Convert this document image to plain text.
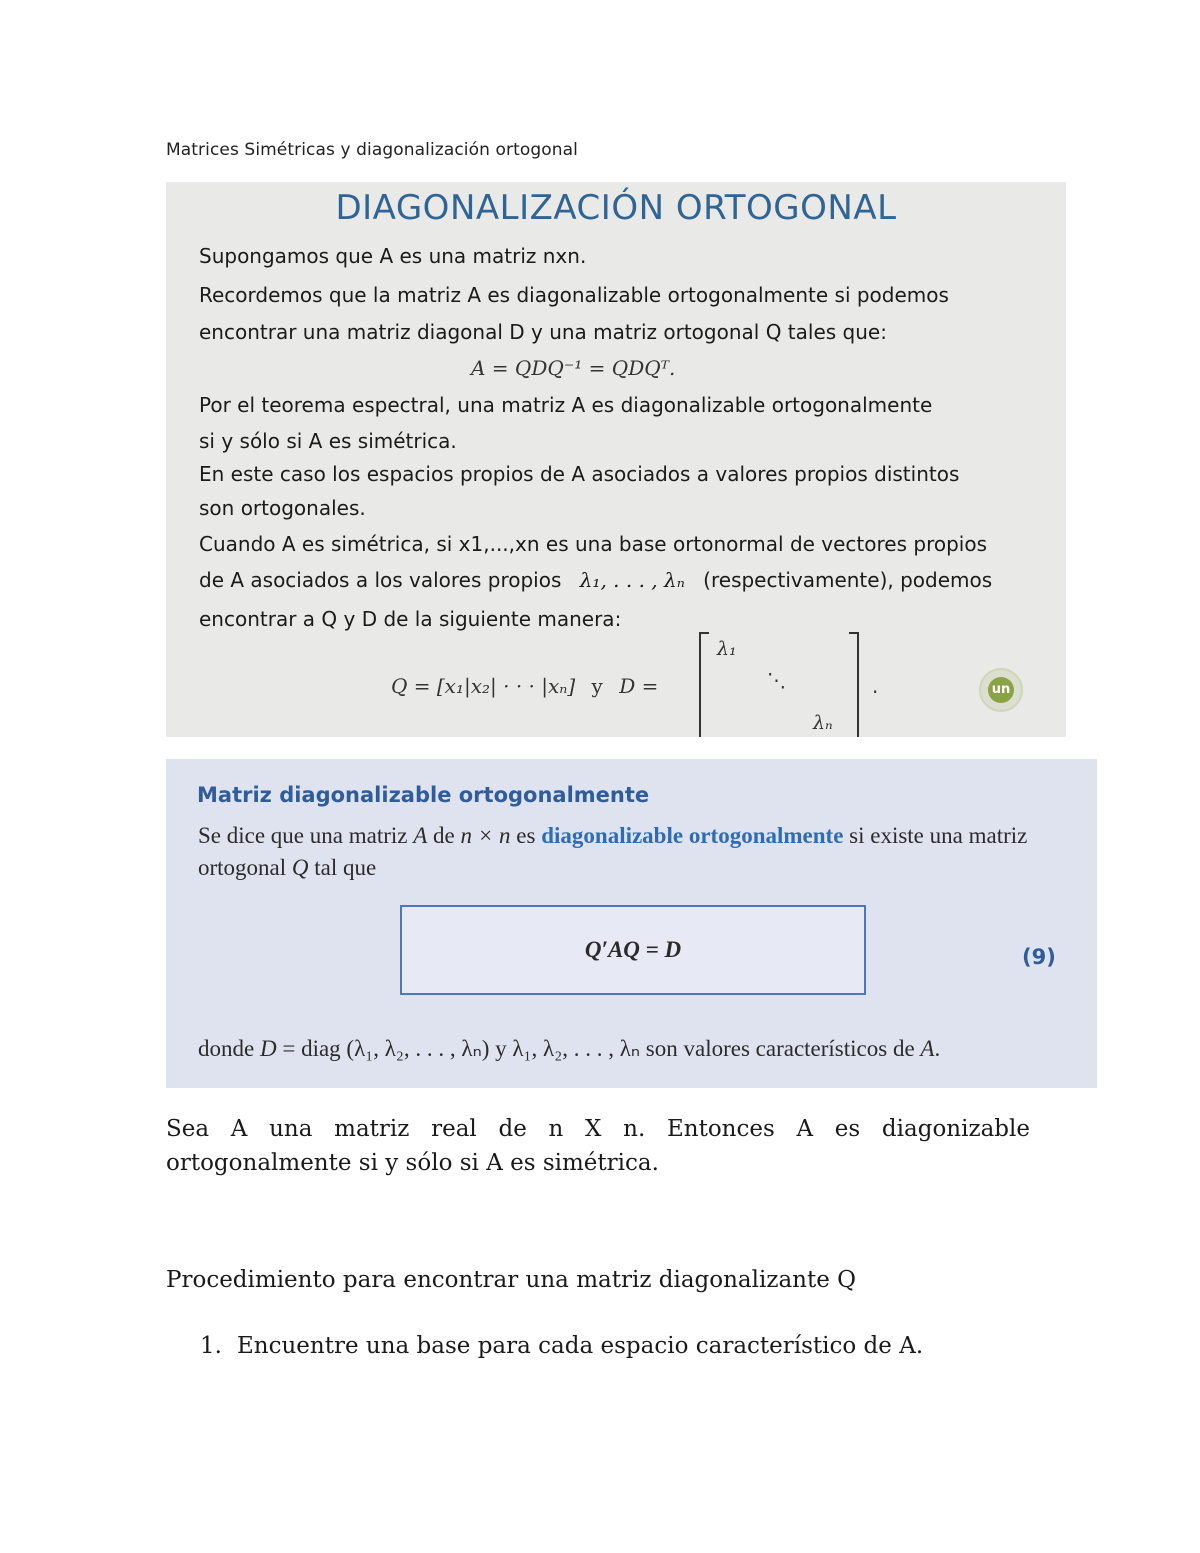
Matrices Simétricas y diagonalización ortogonal
DIAGONALIZACIÓN ORTOGONAL
Supongamos que A es una matriz nxn.
Recordemos que la matriz A es diagonalizable ortogonalmente si podemos
encontrar una matriz diagonal D y una matriz ortogonal Q tales que:
A = QDQ⁻¹ = QDQᵀ.
Por el teorema espectral, una matriz A es diagonalizable ortogonalmente
si y sólo si A es simétrica.
En este caso los espacios propios de A asociados a valores propios distintos
son ortogonales.
Cuando A es simétrica, si x1,...,xn es una base ortonormal de vectores propios
de A asociados a los valores propios λ₁, . . . , λₙ (respectivamente), podemos
encontrar a Q y D de la siguiente manera:
Q = [x₁|x₂| · · · |xₙ] y D =
λ₁
⋱
λₙ
.	un
Matriz diagonalizable ortogonalmente
Se dice que una matriz A de n × n es diagonalizable ortogonalmente si existe una matriz
ortogonal Q tal que
Q′AQ = D	(9)
donde D = diag (λ₁, λ₂, . . . , λₙ) y λ₁, λ₂, . . . , λₙ son valores característicos de A.
Sea A una matriz real de n X n. Entonces A es diagonizable ortogonalmente si y sólo si A es simétrica.
Procedimiento para encontrar una matriz diagonalizante Q
1. Encuentre una base para cada espacio característico de A.
